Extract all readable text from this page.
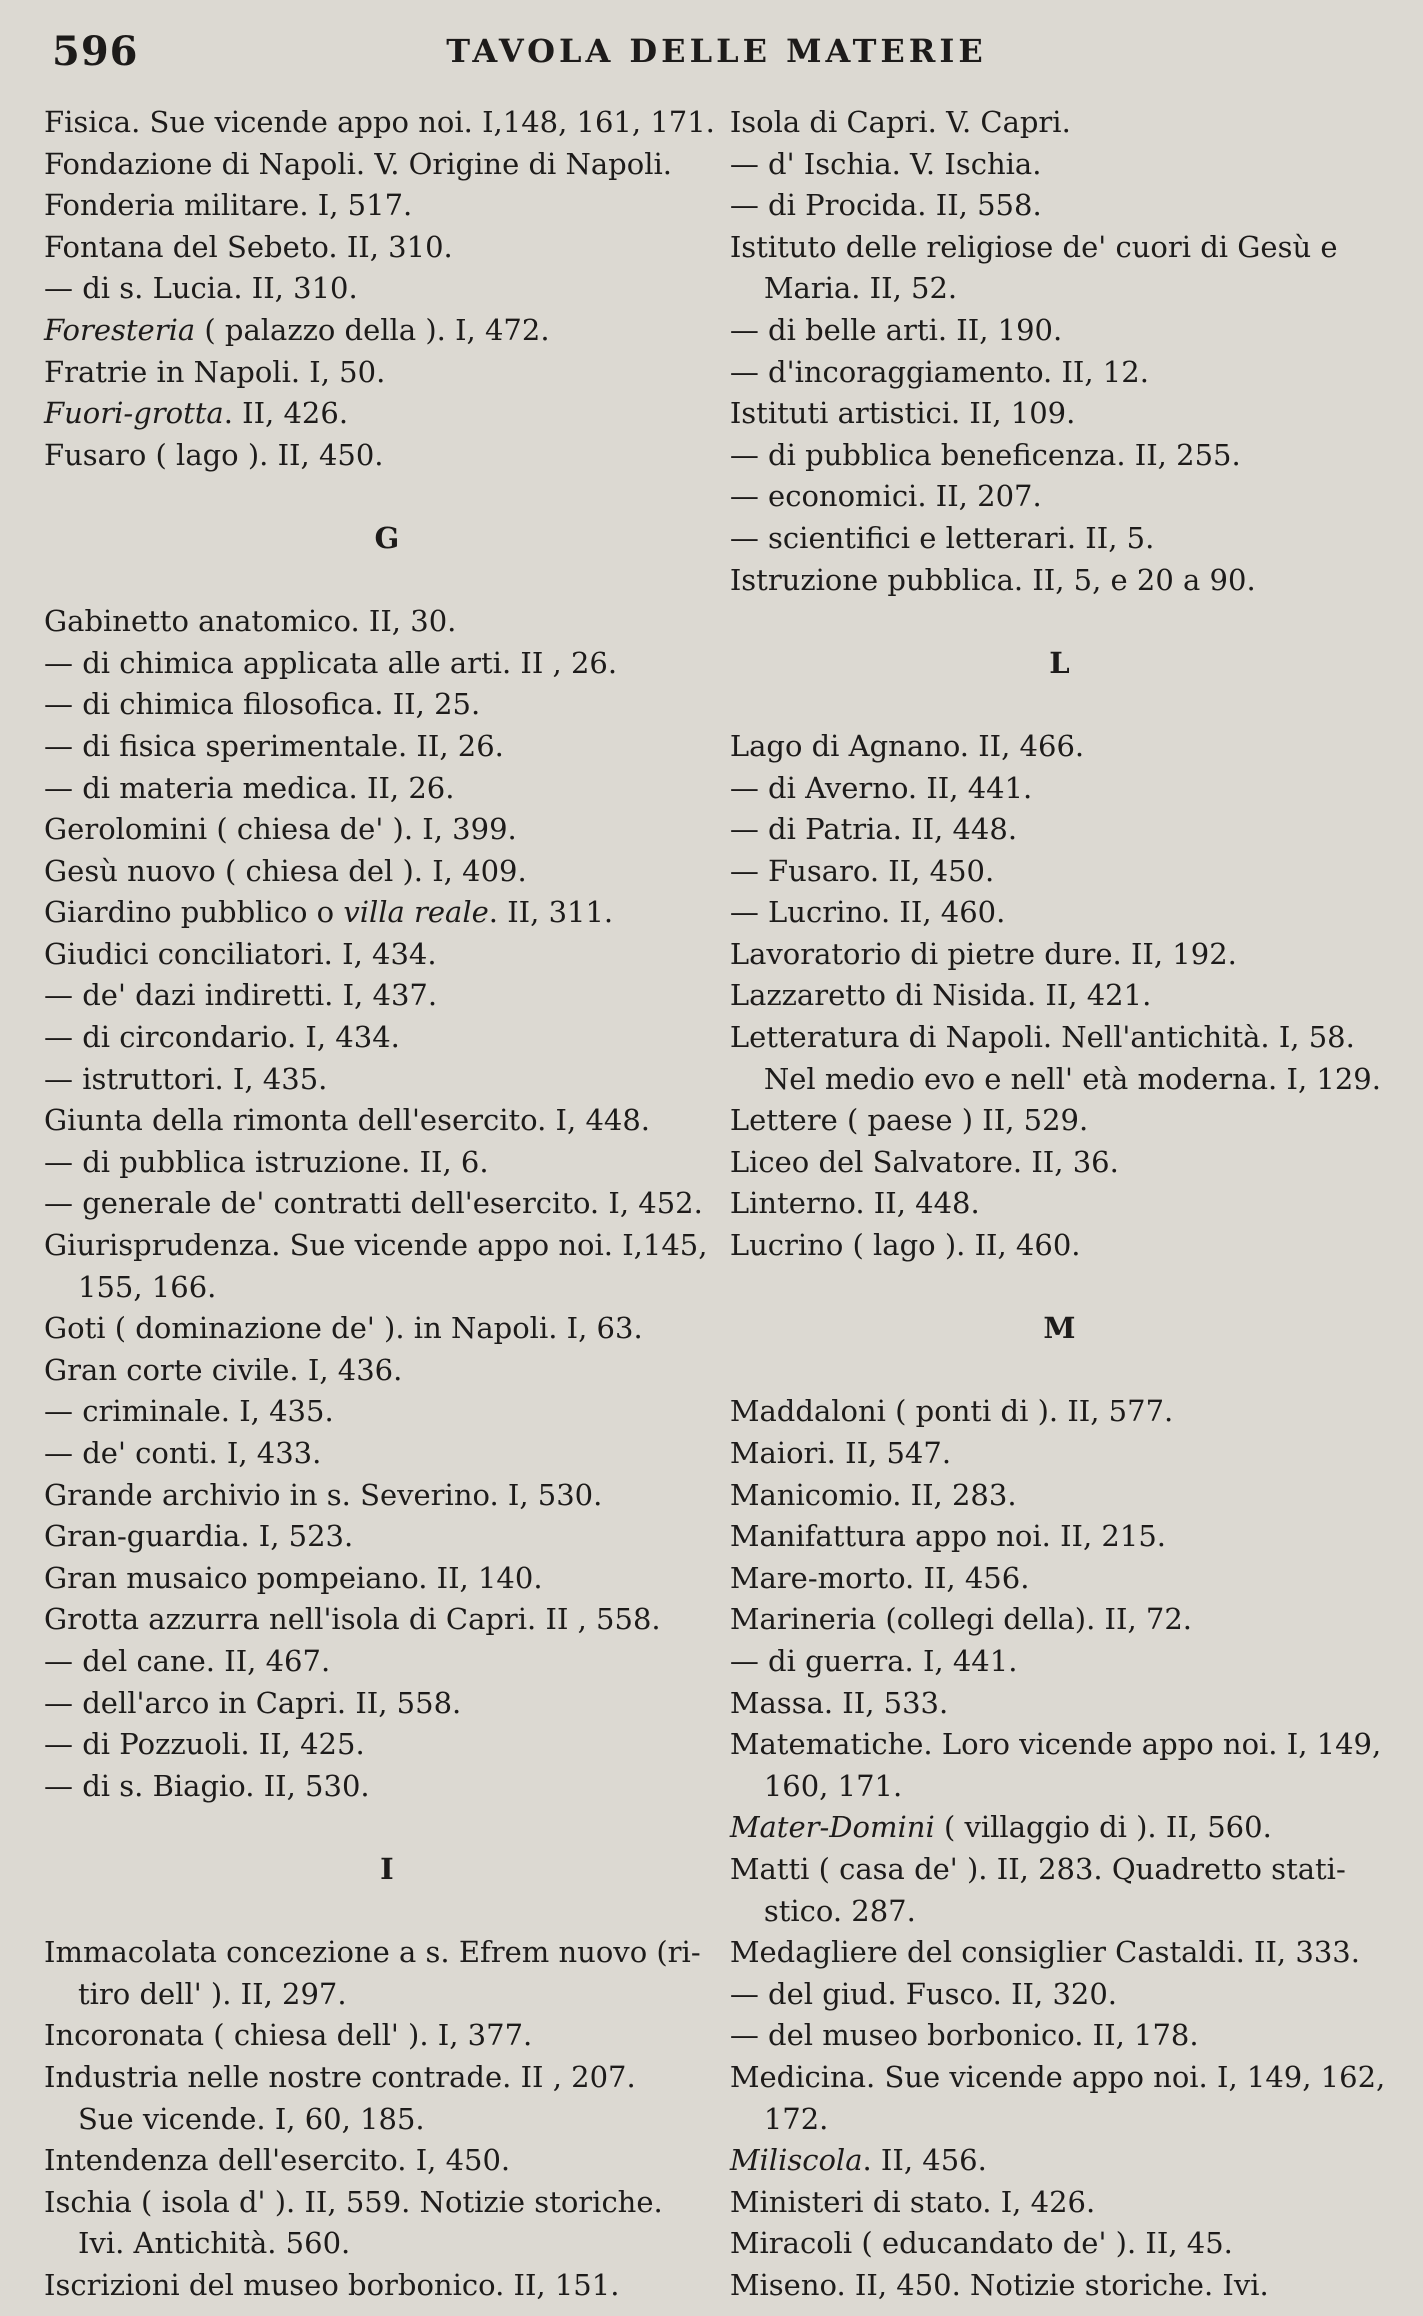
596	TAVOLA DELLE MATERIE
Fisica. Sue vicende appo noi. I,148, 161, 171.
Fondazione di Napoli. V. Origine di Napoli.
Fonderia militare. I, 517.
Fontana del Sebeto. II, 310.
— di s. Lucia. II, 310.
Foresteria ( palazzo della ). I, 472.
Fratrie in Napoli. I, 50.
Fuori-grotta. II, 426.
Fusaro ( lago ). II, 450.
G
Gabinetto anatomico. II, 30.
— di chimica applicata alle arti. II , 26.
— di chimica filosofica. II, 25.
— di fisica sperimentale. II, 26.
— di materia medica. II, 26.
Gerolomini ( chiesa de' ). I, 399.
Gesù nuovo ( chiesa del ). I, 409.
Giardino pubblico o villa reale. II, 311.
Giudici conciliatori. I, 434.
— de' dazi indiretti. I, 437.
— di circondario. I, 434.
— istruttori. I, 435.
Giunta della rimonta dell'esercito. I, 448.
— di pubblica istruzione. II, 6.
— generale de' contratti dell'esercito. I, 452.
Giurisprudenza. Sue vicende appo noi. I,145,
155, 166.
Goti ( dominazione de' ). in Napoli. I, 63.
Gran corte civile. I, 436.
— criminale. I, 435.
— de' conti. I, 433.
Grande archivio in s. Severino. I, 530.
Gran-guardia. I, 523.
Gran musaico pompeiano. II, 140.
Grotta azzurra nell'isola di Capri. II , 558.
— del cane. II, 467.
— dell'arco in Capri. II, 558.
— di Pozzuoli. II, 425.
— di s. Biagio. II, 530.
I
Immacolata concezione a s. Efrem nuovo (ri-
tiro dell' ). II, 297.
Incoronata ( chiesa dell' ). I, 377.
Industria nelle nostre contrade. II , 207.
Sue vicende. I, 60, 185.
Intendenza dell'esercito. I, 450.
Ischia ( isola d' ). II, 559. Notizie storiche.
Ivi. Antichità. 560.
Iscrizioni del museo borbonico. II, 151.
Isola di Capri. V. Capri.
— d' Ischia. V. Ischia.
— di Procida. II, 558.
Istituto delle religiose de' cuori di Gesù e
Maria. II, 52.
— di belle arti. II, 190.
— d'incoraggiamento. II, 12.
Istituti artistici. II, 109.
— di pubblica beneficenza. II, 255.
— economici. II, 207.
— scientifici e letterari. II, 5.
Istruzione pubblica. II, 5, e 20 a 90.
L
Lago di Agnano. II, 466.
— di Averno. II, 441.
— di Patria. II, 448.
— Fusaro. II, 450.
— Lucrino. II, 460.
Lavoratorio di pietre dure. II, 192.
Lazzaretto di Nisida. II, 421.
Letteratura di Napoli. Nell'antichità. I, 58.
Nel medio evo e nell' età moderna. I, 129.
Lettere ( paese ) II, 529.
Liceo del Salvatore. II, 36.
Linterno. II, 448.
Lucrino ( lago ). II, 460.
M
Maddaloni ( ponti di ). II, 577.
Maiori. II, 547.
Manicomio. II, 283.
Manifattura appo noi. II, 215.
Mare-morto. II, 456.
Marineria (collegi della). II, 72.
— di guerra. I, 441.
Massa. II, 533.
Matematiche. Loro vicende appo noi. I, 149,
160, 171.
Mater-Domini ( villaggio di ). II, 560.
Matti ( casa de' ). II, 283. Quadretto stati-
stico. 287.
Medagliere del consiglier Castaldi. II, 333.
— del giud. Fusco. II, 320.
— del museo borbonico. II, 178.
Medicina. Sue vicende appo noi. I, 149, 162,
172.
Miliscola. II, 456.
Ministeri di stato. I, 426.
Miracoli ( educandato de' ). II, 45.
Miseno. II, 450. Notizie storiche. Ivi.
